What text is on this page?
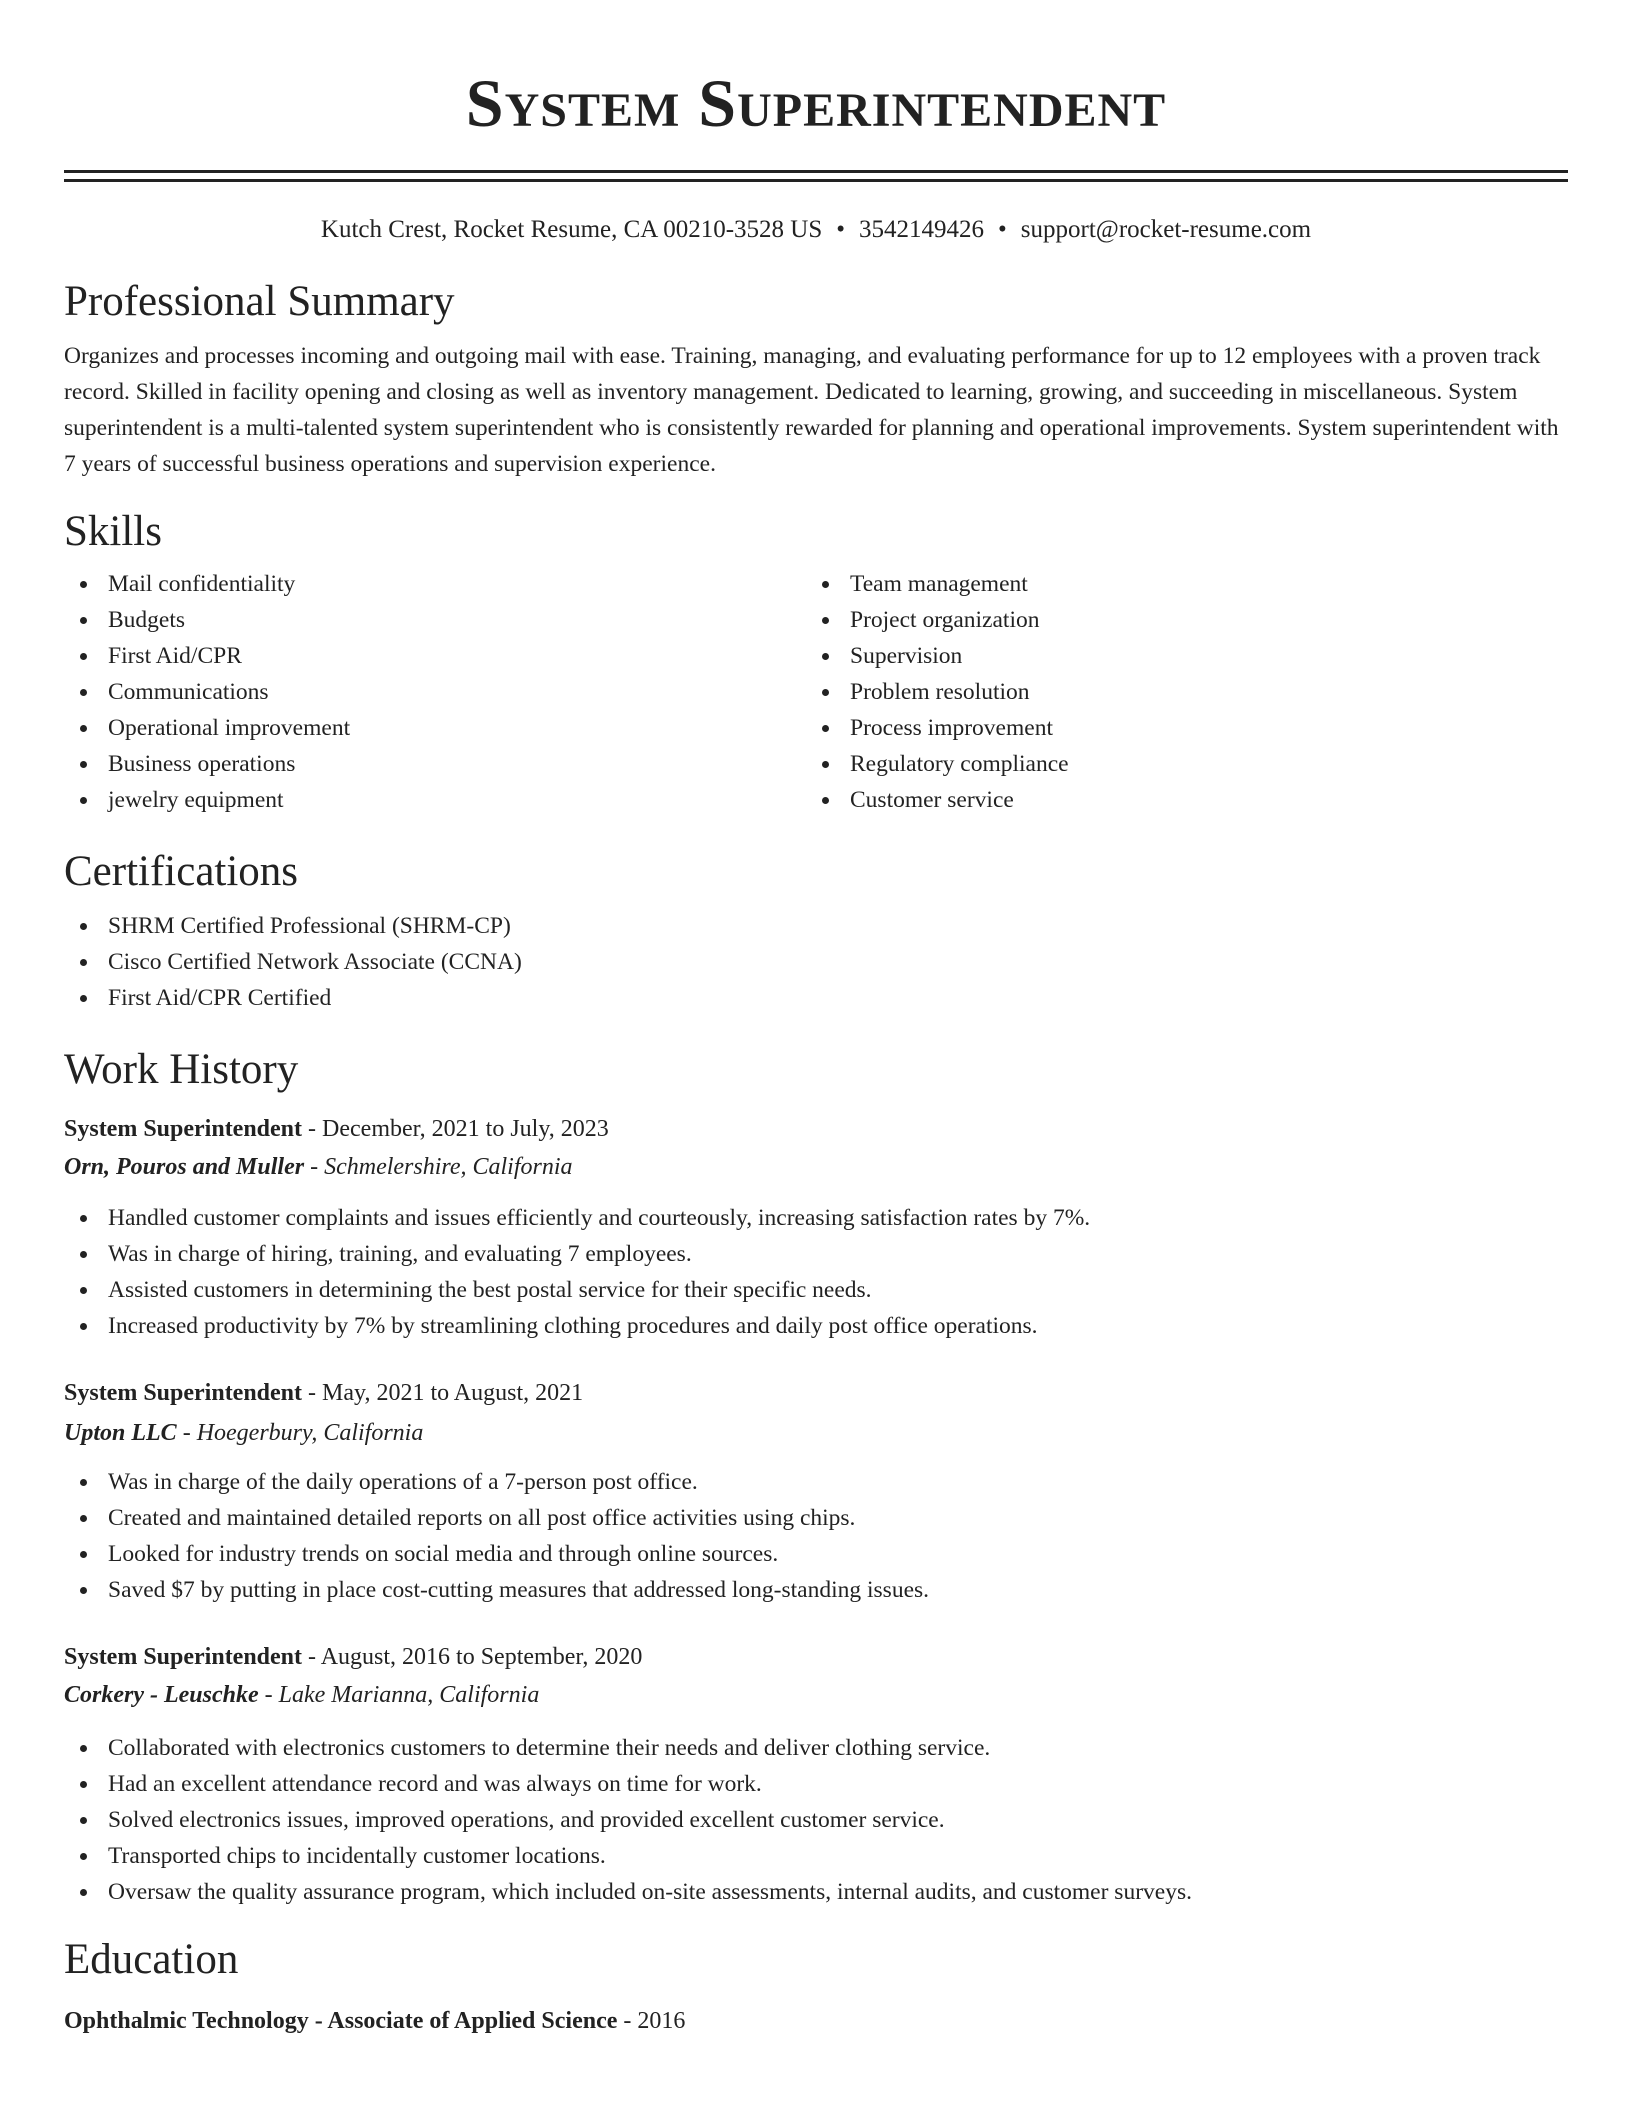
System Superintendent
Kutch Crest, Rocket Resume, CA 00210-3528 US • 3542149426 • support@rocket-resume.com
Professional Summary

Organizes and processes incoming and outgoing mail with ease. Training, managing, and evaluating performance for up to 12 employees with a proven track record. Skilled in facility opening and closing as well as inventory management. Dedicated to learning, growing, and succeeding in miscellaneous. System superintendent is a multi-talented system superintendent who is consistently rewarded for planning and operational improvements. System superintendent with 7 years of successful business operations and supervision experience.

Skills
Mail confidentiality
Budgets
First Aid/CPR
Communications
Operational improvement
Business operations
jewelry equipment
Team management
Project organization
Supervision
Problem resolution
Process improvement
Regulatory compliance
Customer service
Certifications
SHRM Certified Professional (SHRM-CP)
Cisco Certified Network Associate (CCNA)
First Aid/CPR Certified
Work History
System Superintendent - December, 2021 to July, 2023
Orn, Pouros and Muller - Schmelershire, California
Handled customer complaints and issues efficiently and courteously, increasing satisfaction rates by 7%.
Was in charge of hiring, training, and evaluating 7 employees.
Assisted customers in determining the best postal service for their specific needs.
Increased productivity by 7% by streamlining clothing procedures and daily post office operations.
System Superintendent - May, 2021 to August, 2021
Upton LLC - Hoegerbury, California
Was in charge of the daily operations of a 7-person post office.
Created and maintained detailed reports on all post office activities using chips.
Looked for industry trends on social media and through online sources.
Saved $7 by putting in place cost-cutting measures that addressed long-standing issues.
System Superintendent - August, 2016 to September, 2020
Corkery - Leuschke - Lake Marianna, California
Collaborated with electronics customers to determine their needs and deliver clothing service.
Had an excellent attendance record and was always on time for work.
Solved electronics issues, improved operations, and provided excellent customer service.
Transported chips to incidentally customer locations.
Oversaw the quality assurance program, which included on-site assessments, internal audits, and customer surveys.
Education
Ophthalmic Technology - Associate of Applied Science - 2016
